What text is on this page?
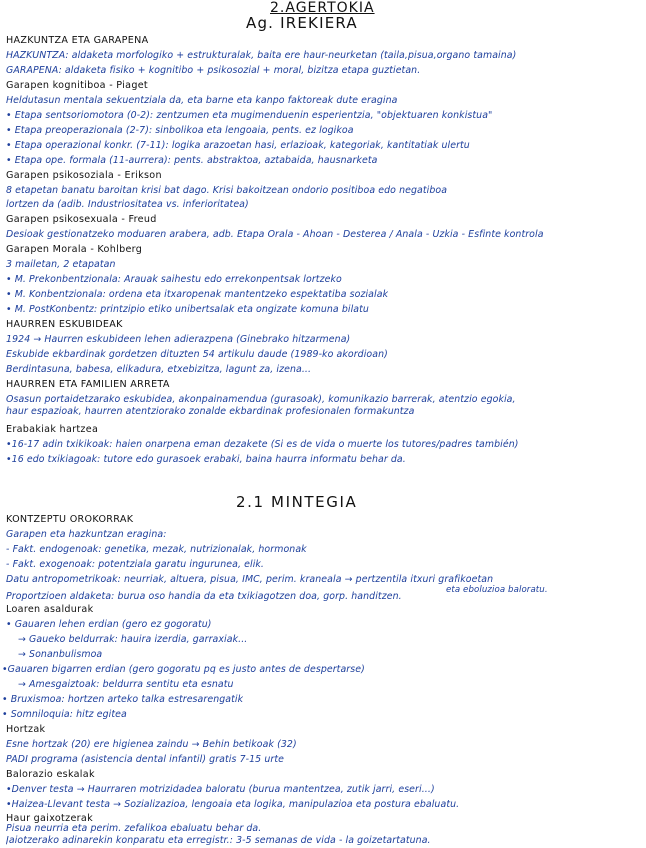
2.AGERTOKIA
Ag. IREKIERA
HAZKUNTZA ETA GARAPENA
HAZKUNTZA: aldaketa morfologiko + estrukturalak, baita ere haur-neurketan (taila,pisua,organo tamaina)
GARAPENA: aldaketa fisiko + kognitibo + psikosozial + moral, bizitza etapa guztietan.
Garapen kognitiboa - Piaget
Heldutasun mentala sekuentziala da, eta barne eta kanpo faktoreak dute eragina
• Etapa sentsoriomotora (0-2): zentzumen eta mugimenduenin esperientzia, "objektuaren konkistua"
• Etapa preoperazionala (2-7): sinbolikoa eta lengoaia, pents. ez logikoa
• Etapa operazional konkr. (7-11): logika arazoetan hasi, erlazioak, kategoriak, kantitatiak ulertu
• Etapa ope. formala (11-aurrera): pents. abstraktoa, aztabaida, hausnarketa
Garapen psikosoziala - Erikson
8 etapetan banatu baroitan krisi bat dago. Krisi bakoitzean ondorio positiboa edo negatiboa
lortzen da (adib. Industriositatea vs. inferioritatea)
Garapen psikosexuala - Freud
Desioak gestionatzeko moduaren arabera, adb. Etapa Orala - Ahoan - Desterea / Anala - Uzkia - Esfinte kontrola
Garapen Morala - Kohlberg
3 mailetan, 2 etapatan
• M. Prekonbentzionala: Arauak saihestu edo errekonpentsak lortzeko
• M. Konbentzionala: ordena eta itxaropenak mantentzeko espektatiba sozialak
• M. PostKonbentz: printzipio etiko unibertsalak eta ongizate komuna bilatu
HAURREN ESKUBIDEAK
1924 → Haurren eskubideen lehen adierazpena (Ginebrako hitzarmena)
Eskubide ekbardinak gordetzen dituzten 54 artikulu daude (1989-ko akordioan)
Berdintasuna, babesa, elikadura, etxebizitza, lagunt za, izena...
HAURREN ETA FAMILIEN ARRETA
Osasun portaidetzarako eskubidea, akonpainamendua (gurasoak), komunikazio barrerak, atentzio egokia,
haur espazioak, haurren atentziorako zonalde ekbardinak profesionalen formakuntza
Erabakiak hartzea
•16-17 adin txikikoak: haien onarpena eman dezakete (Si es de vida o muerte los tutores/padres también)
•16 edo txikiagoak: tutore edo gurasoek erabaki, baina haurra informatu behar da.
2.1 MINTEGIA
KONTZEPTU OROKORRAK
Garapen eta hazkuntzan eragina:
- Fakt. endogenoak: genetika, mezak, nutrizionalak, hormonak
- Fakt. exogenoak: potentziala garatu ingurunea, elik.
Datu antropometrikoak: neurriak, altuera, pisua, IMC, perim. kraneala → pertzentila itxuri grafikoetan
eta eboluzioa baloratu.
Proportzioen aldaketa: burua oso handia da eta txikiagotzen doa, gorp. handitzen.
Loaren asaldurak
• Gauaren lehen erdian (gero ez gogoratu)
→ Gaueko beldurrak: hauira izerdia, garraxiak...
→ Sonanbulismoa
•Gauaren bigarren erdian (gero gogoratu pq es justo antes de despertarse)
→ Amesgaiztoak: beldurra sentitu eta esnatu
• Bruxismoa: hortzen arteko talka estresarengatik
• Somniloquia: hitz egitea
Hortzak
Esne hortzak (20) ere higienea zaindu → Behin betikoak (32)
PADI programa (asistencia dental infantil) gratis 7-15 urte
Balorazio eskalak
•Denver testa → Haurraren motrizidadea baloratu (burua mantentzea, zutik jarri, eseri...)
•Haizea-Llevant testa → Sozializazioa, lengoaia eta logika, manipulazioa eta postura ebaluatu.
Haur gaixotzerak
Pisua neurria eta perim. zefalikoa ebaluatu behar da.
Jaiotzerako adinarekin konparatu eta erregistr.: 3-5 semanas de vida - la goizetartatuna.
